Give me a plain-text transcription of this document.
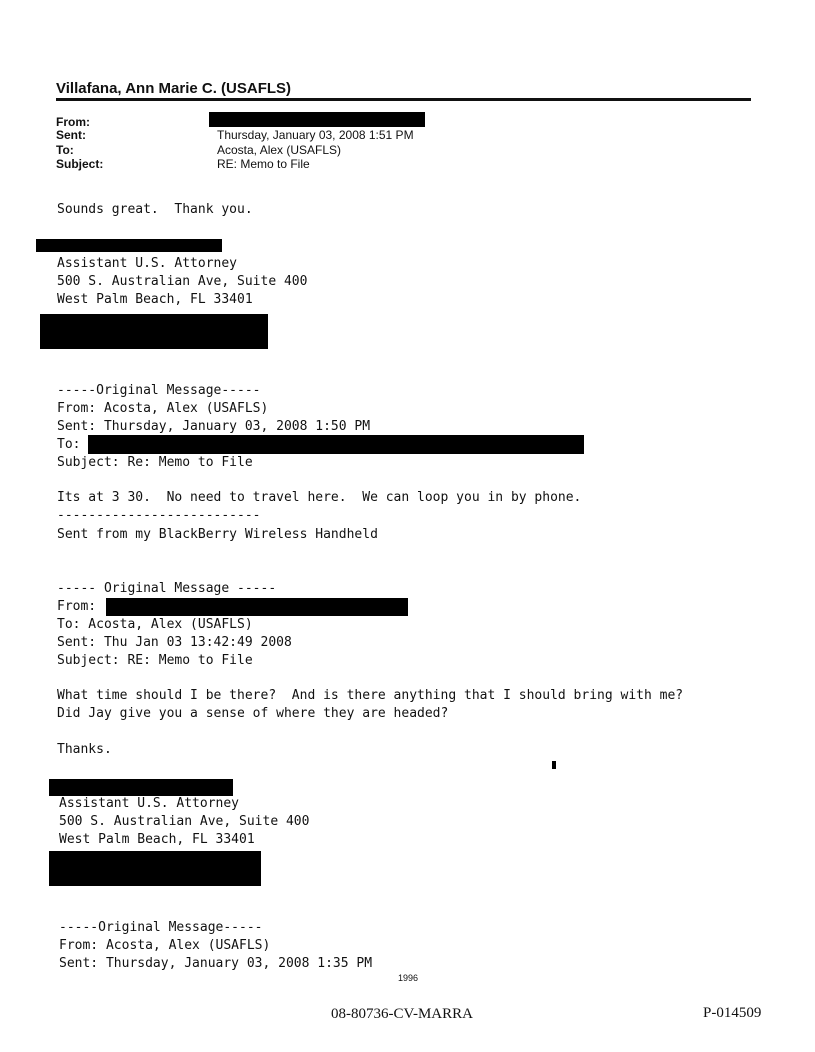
Villafana, Ann Marie C. (USAFLS)
From:
Sent:	Thursday, January 03, 2008 1:51 PM
To:	Acosta, Alex (USAFLS)
Subject:	RE: Memo to File
Sounds great.  Thank you.
Assistant U.S. Attorney
500 S. Australian Ave, Suite 400
West Palm Beach, FL 33401
-----Original Message-----
From: Acosta, Alex (USAFLS)
Sent: Thursday, January 03, 2008 1:50 PM
To:
Subject: Re: Memo to File
Its at 3 30.  No need to travel here.  We can loop you in by phone.
--------------------------
Sent from my BlackBerry Wireless Handheld
----- Original Message -----
From:
To: Acosta, Alex (USAFLS)
Sent: Thu Jan 03 13:42:49 2008
Subject: RE: Memo to File
What time should I be there?  And is there anything that I should bring with me?
Did Jay give you a sense of where they are headed?
Thanks.
Assistant U.S. Attorney
500 S. Australian Ave, Suite 400
West Palm Beach, FL 33401
-----Original Message-----
From: Acosta, Alex (USAFLS)
Sent: Thursday, January 03, 2008 1:35 PM
1996
08-80736-CV-MARRA	P-014509
